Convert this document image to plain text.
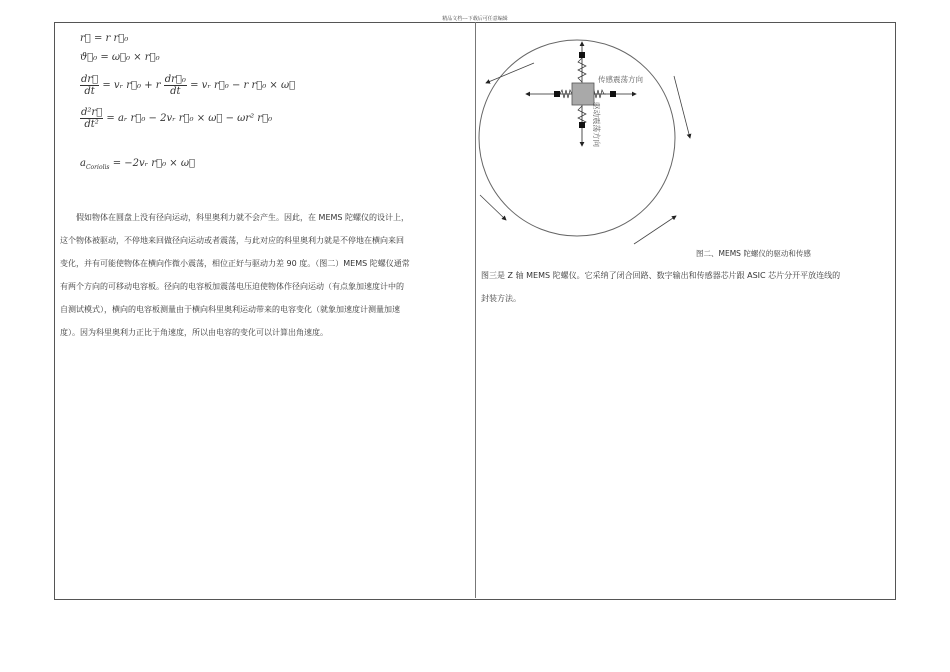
精品文档---下载后可任意编辑
r⃗ = r r⃗₀
ϑ⃗₀ = ω⃗₀ × r⃗₀
$\frac{dr⃗}{dt}$ = vᵣ r⃗₀ + r $\frac{\text{dr⃗₀}}{dt}$ = vᵣ r⃗₀ − r r⃗₀ × ω⃗
$\frac{\text{d²r⃗}}{\text{dt²}}$ = aᵣ r⃗₀ − 2vᵣ r⃗₀ × ω⃗ − ωr² r⃗₀
$a_{Coriolis}$ = −2vᵣ r⃗₀ × ω⃗

　　假如物体在圆盘上没有径向运动，科里奥利力就不会产生。因此，在 MEMS 陀螺仪的设计上，

这个物体被驱动，不停地来回做径向运动或者震荡，与此对应的科里奥利力就是不停地在横向来回

变化，并有可能使物体在横向作微小震荡，相位正好与驱动力差 90 度。（图二）MEMS 陀螺仪通常

有两个方向的可移动电容板。径向的电容板加震荡电压迫使物体作径向运动（有点象加速度计中的

自测试模式），横向的电容板测量由于横向科里奥利运动带来的电容变化（就象加速度计测量加速

度）。因为科里奥利力正比于角速度，所以由电容的变化可以计算出角速度。

传感震荡方向
驱动震荡方向
图二、MEMS 陀螺仪的驱动和传感

图三是 Z 轴 MEMS 陀螺仪。它采纳了闭合回路、数字输出和传感器芯片跟 ASIC 芯片分开平放连线的

封装方法。
